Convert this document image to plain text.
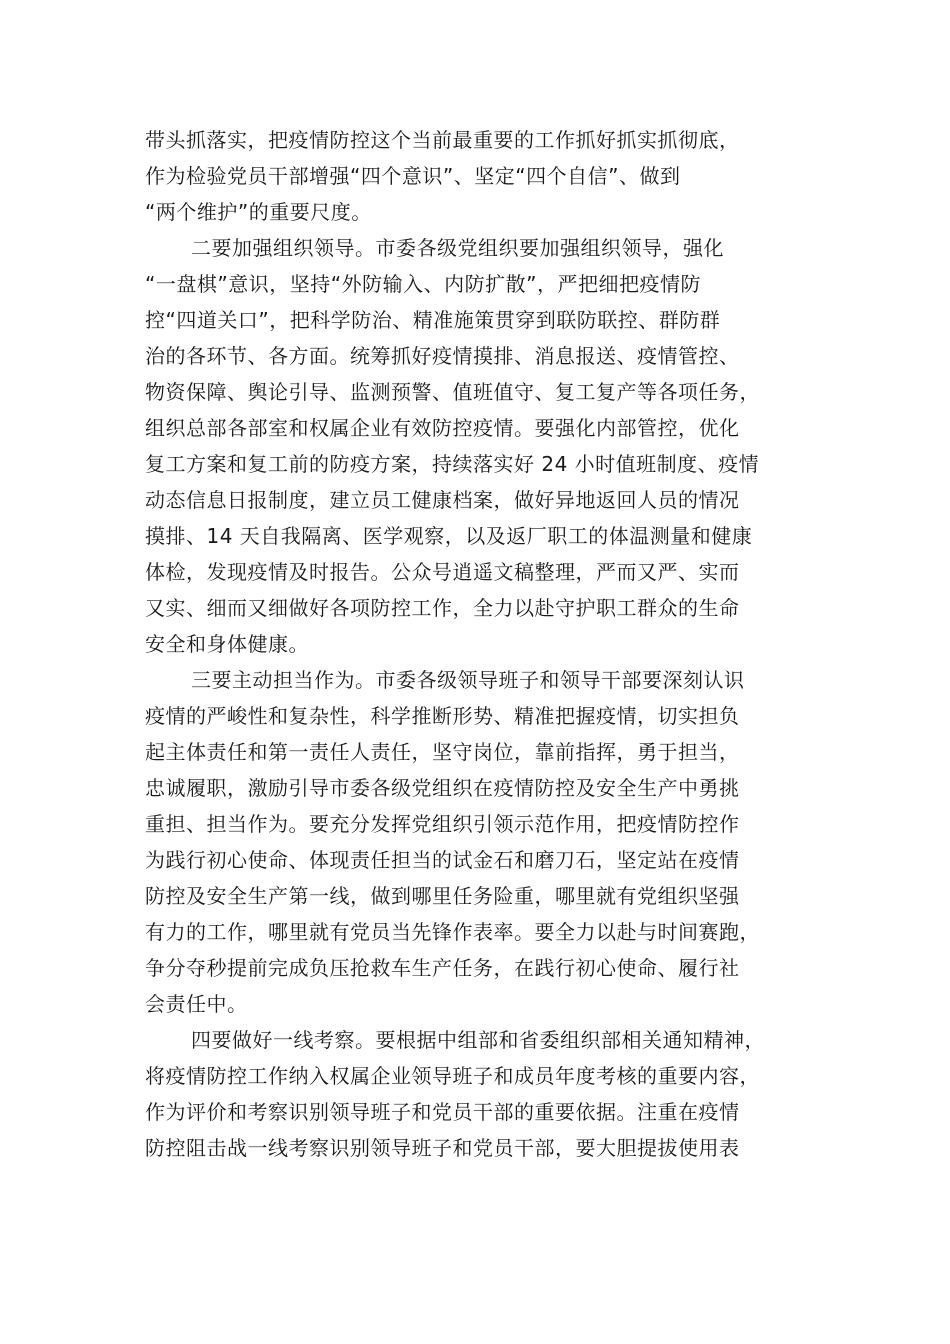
带头抓落实，把疫情防控这个当前最重要的工作抓好抓实抓彻底，
作为检验党员干部增强“四个意识”、坚定“四个自信”、做到
“两个维护”的重要尺度。
二要加强组织领导。市委各级党组织要加强组织领导，强化
“一盘棋”意识，坚持“外防输入、内防扩散”，严把细把疫情防
控“四道关口”，把科学防治、精准施策贯穿到联防联控、群防群
治的各环节、各方面。统筹抓好疫情摸排、消息报送、疫情管控、
物资保障、舆论引导、监测预警、值班值守、复工复产等各项任务，
组织总部各部室和权属企业有效防控疫情。要强化内部管控，优化
复工方案和复工前的防疫方案，持续落实好 24 小时值班制度、疫情
动态信息日报制度，建立员工健康档案，做好异地返回人员的情况
摸排、14 天自我隔离、医学观察，以及返厂职工的体温测量和健康
体检，发现疫情及时报告。公众号逍遥文稿整理，严而又严、实而
又实、细而又细做好各项防控工作，全力以赴守护职工群众的生命
安全和身体健康。
三要主动担当作为。市委各级领导班子和领导干部要深刻认识
疫情的严峻性和复杂性，科学推断形势、精准把握疫情，切实担负
起主体责任和第一责任人责任，坚守岗位，靠前指挥，勇于担当，
忠诚履职，激励引导市委各级党组织在疫情防控及安全生产中勇挑
重担、担当作为。要充分发挥党组织引领示范作用，把疫情防控作
为践行初心使命、体现责任担当的试金石和磨刀石，坚定站在疫情
防控及安全生产第一线，做到哪里任务险重，哪里就有党组织坚强
有力的工作，哪里就有党员当先锋作表率。要全力以赴与时间赛跑，
争分夺秒提前完成负压抢救车生产任务，在践行初心使命、履行社
会责任中。
四要做好一线考察。要根据中组部和省委组织部相关通知精神，
将疫情防控工作纳入权属企业领导班子和成员年度考核的重要内容，
作为评价和考察识别领导班子和党员干部的重要依据。注重在疫情
防控阻击战一线考察识别领导班子和党员干部，要大胆提拔使用表
